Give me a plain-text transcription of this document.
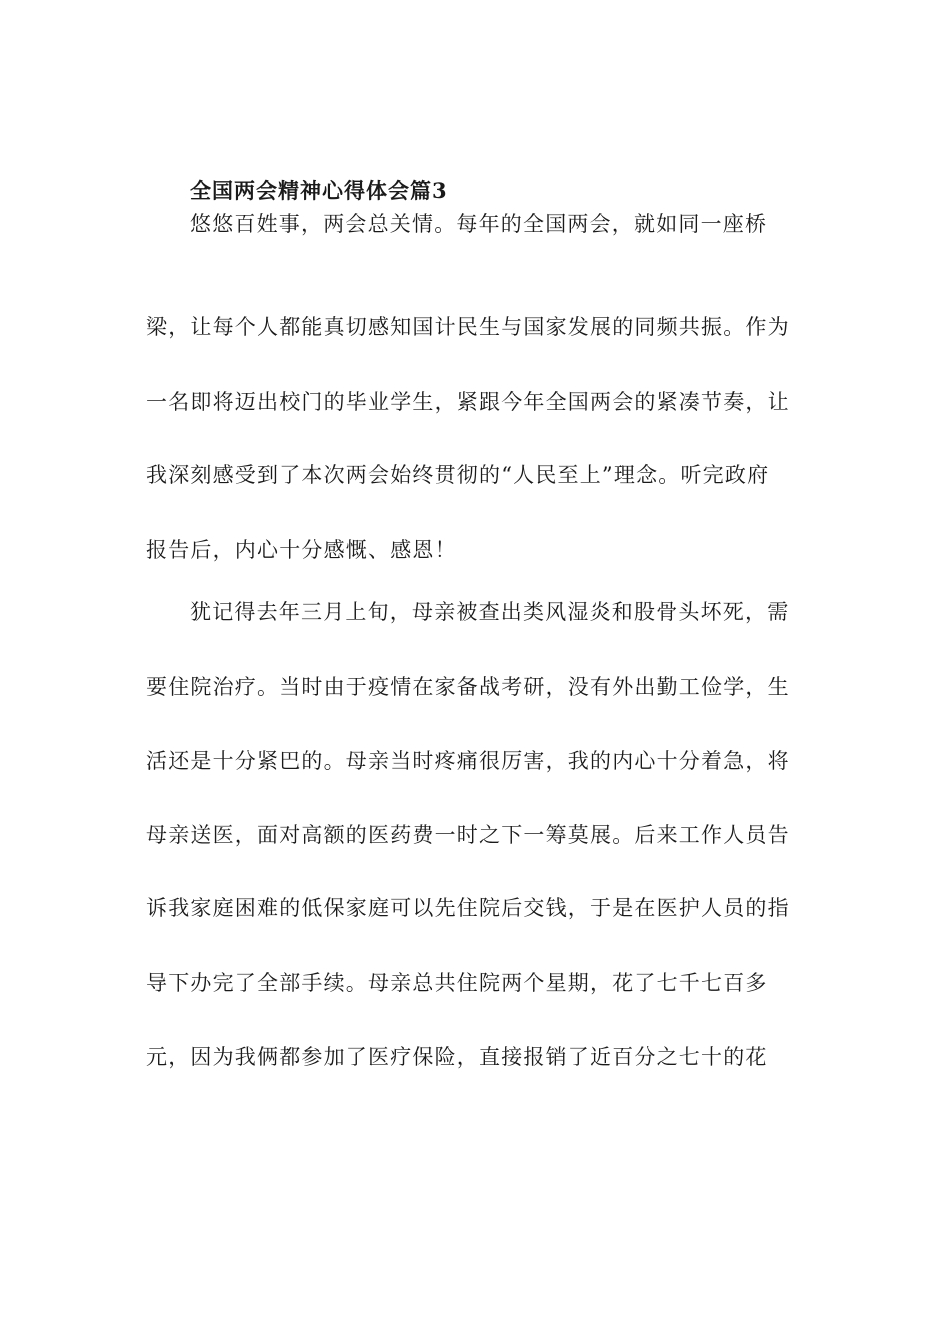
全国两会精神心得体会篇3
悠悠百姓事，两会总关情。每年的全国两会，就如同一座桥
梁，让每个人都能真切感知国计民生与国家发展的同频共振。作为
一名即将迈出校门的毕业学生，紧跟今年全国两会的紧凑节奏，让
我深刻感受到了本次两会始终贯彻的“人民至上”理念。听完政府
报告后，内心十分感慨、感恩！
犹记得去年三月上旬，母亲被查出类风湿炎和股骨头坏死，需
要住院治疗。当时由于疫情在家备战考研，没有外出勤工俭学，生
活还是十分紧巴的。母亲当时疼痛很厉害，我的内心十分着急，将
母亲送医，面对高额的医药费一时之下一筹莫展。后来工作人员告
诉我家庭困难的低保家庭可以先住院后交钱，于是在医护人员的指
导下办完了全部手续。母亲总共住院两个星期，花了七千七百多
元，因为我俩都参加了医疗保险，直接报销了近百分之七十的花
